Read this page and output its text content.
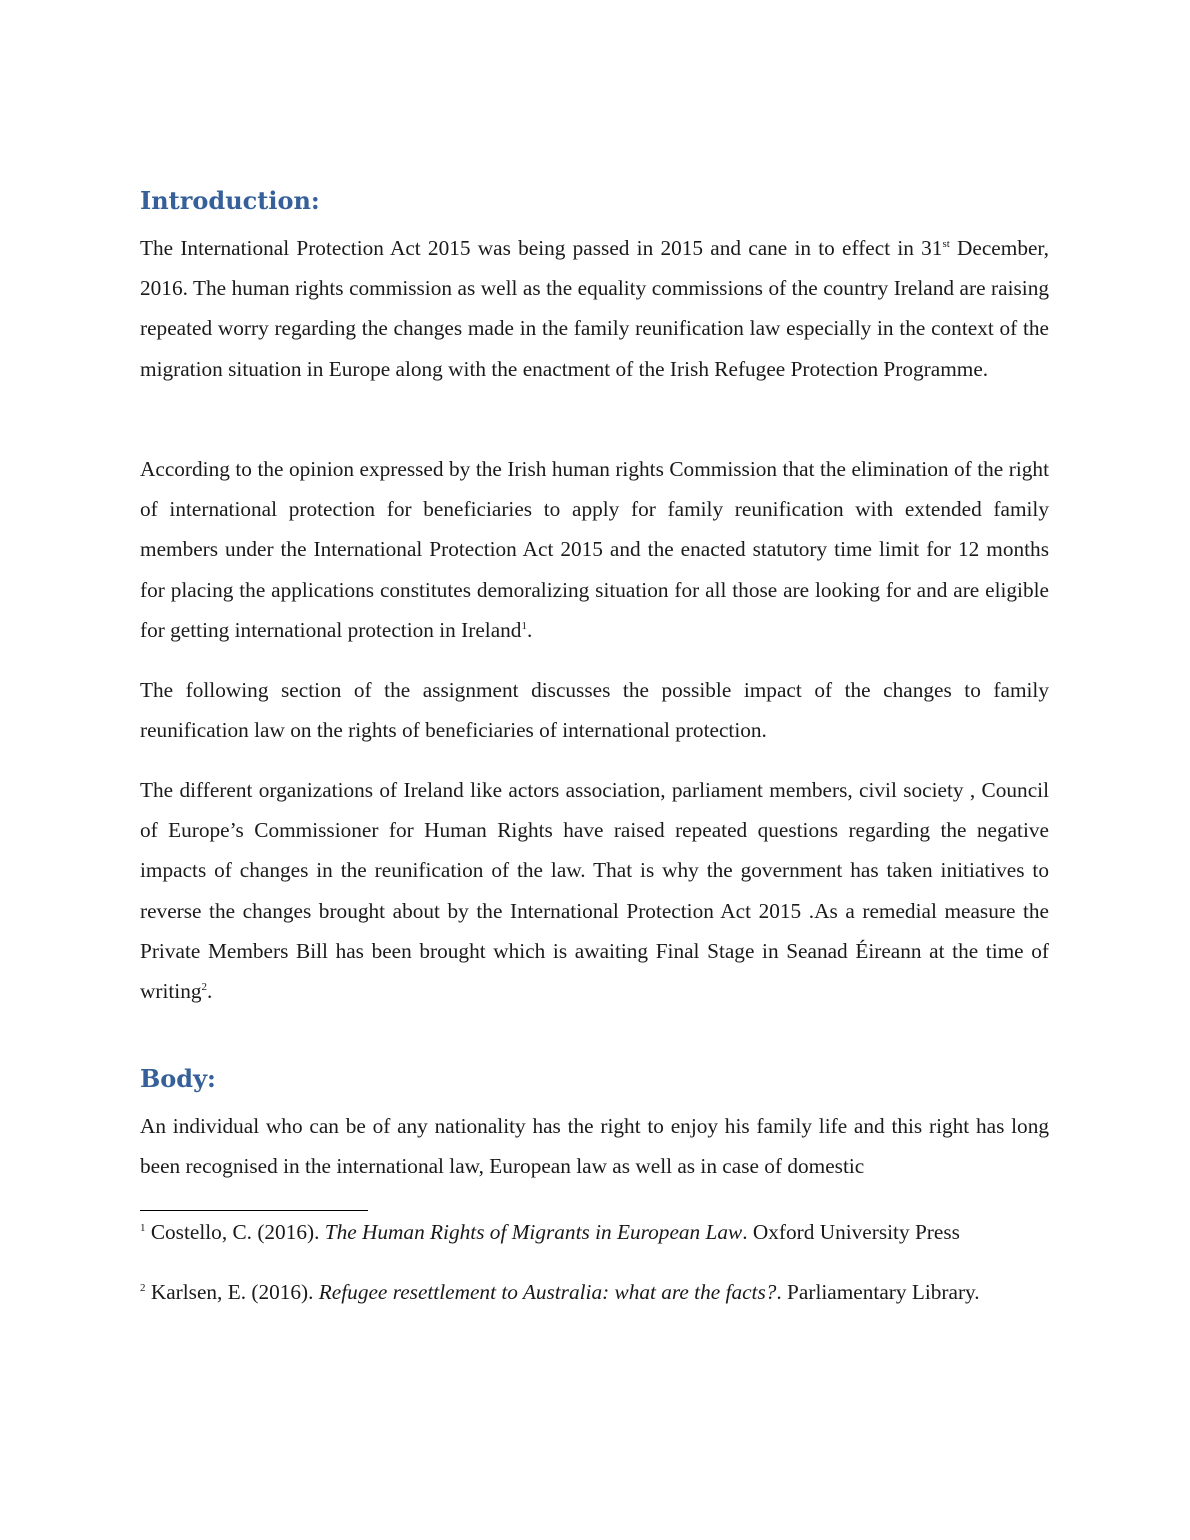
Introduction:

The International Protection Act 2015 was being passed in 2015 and cane in to effect in 31st December, 2016. The human rights commission as well as the equality commissions of the country Ireland are raising repeated worry regarding the changes made in the family reunification law especially in the context of the migration situation in Europe along with the enactment of the Irish Refugee Protection Programme.

According to the opinion expressed by the Irish human rights Commission that the elimination of the right of international protection for beneficiaries to apply for family reunification with extended family members under the International Protection Act 2015 and the enacted statutory time limit for 12 months for placing the applications constitutes demoralizing situation for all those are looking for and are eligible for getting international protection in Ireland$^1$.

The following section of the assignment discusses the possible impact of the changes to family reunification law on the rights of beneficiaries of international protection.

The different organizations of Ireland like actors association, parliament members, civil society , Council of Europe’s Commissioner for Human Rights have raised repeated questions regarding the negative impacts of changes in the reunification of the law. That is why the government has taken initiatives to reverse the changes brought about by the International Protection Act 2015 .As a remedial measure the Private Members Bill has been brought which is awaiting Final Stage in Seanad Éireann at the time of writing$^2$.

Body:

An individual who can be of any nationality has the right to enjoy his family life and this right has long been recognised in the international law, European law as well as in case of domestic

$^1$ Costello, C. (2016). The Human Rights of Migrants in European Law. Oxford University Press

$^2$ Karlsen, E. (2016). Refugee resettlement to Australia: what are the facts?. Parliamentary Library.
